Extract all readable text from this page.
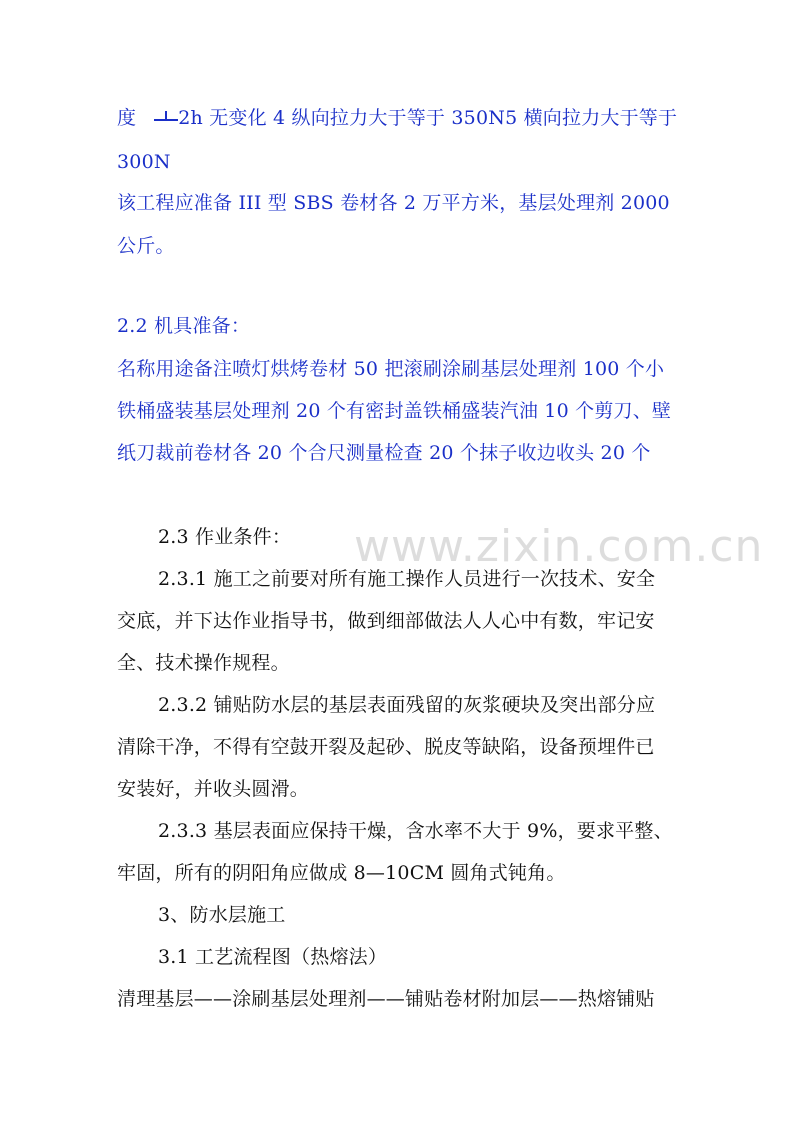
度 2h 无变化 4 纵向拉力大于等于 350N5 横向拉力大于等于
300N
该工程应准备 III 型 SBS 卷材各 2 万平方米，基层处理剂 2000
公斤。
2.2 机具准备：
名称用途备注喷灯烘烤卷材 50 把滚刷涂刷基层处理剂 100 个小
铁桶盛装基层处理剂 20 个有密封盖铁桶盛装汽油 10 个剪刀、壁
纸刀裁前卷材各 20 个合尺测量检查 20 个抹子收边收头 20 个
2.3 作业条件：
2.3.1 施工之前要对所有施工操作人员进行一次技术、安全
交底，并下达作业指导书，做到细部做法人人心中有数，牢记安
全、技术操作规程。
2.3.2 铺贴防水层的基层表面残留的灰浆硬块及突出部分应
清除干净，不得有空鼓开裂及起砂、脱皮等缺陷，设备预埋件已
安装好，并收头圆滑。
2.3.3 基层表面应保持干燥，含水率不大于 9%，要求平整、
牢固，所有的阴阳角应做成 8—10CM 圆角式钝角。
3、防水层施工
3.1 工艺流程图（热熔法）
清理基层——涂刷基层处理剂——铺贴卷材附加层——热熔铺贴
www.zixin.com.cn
